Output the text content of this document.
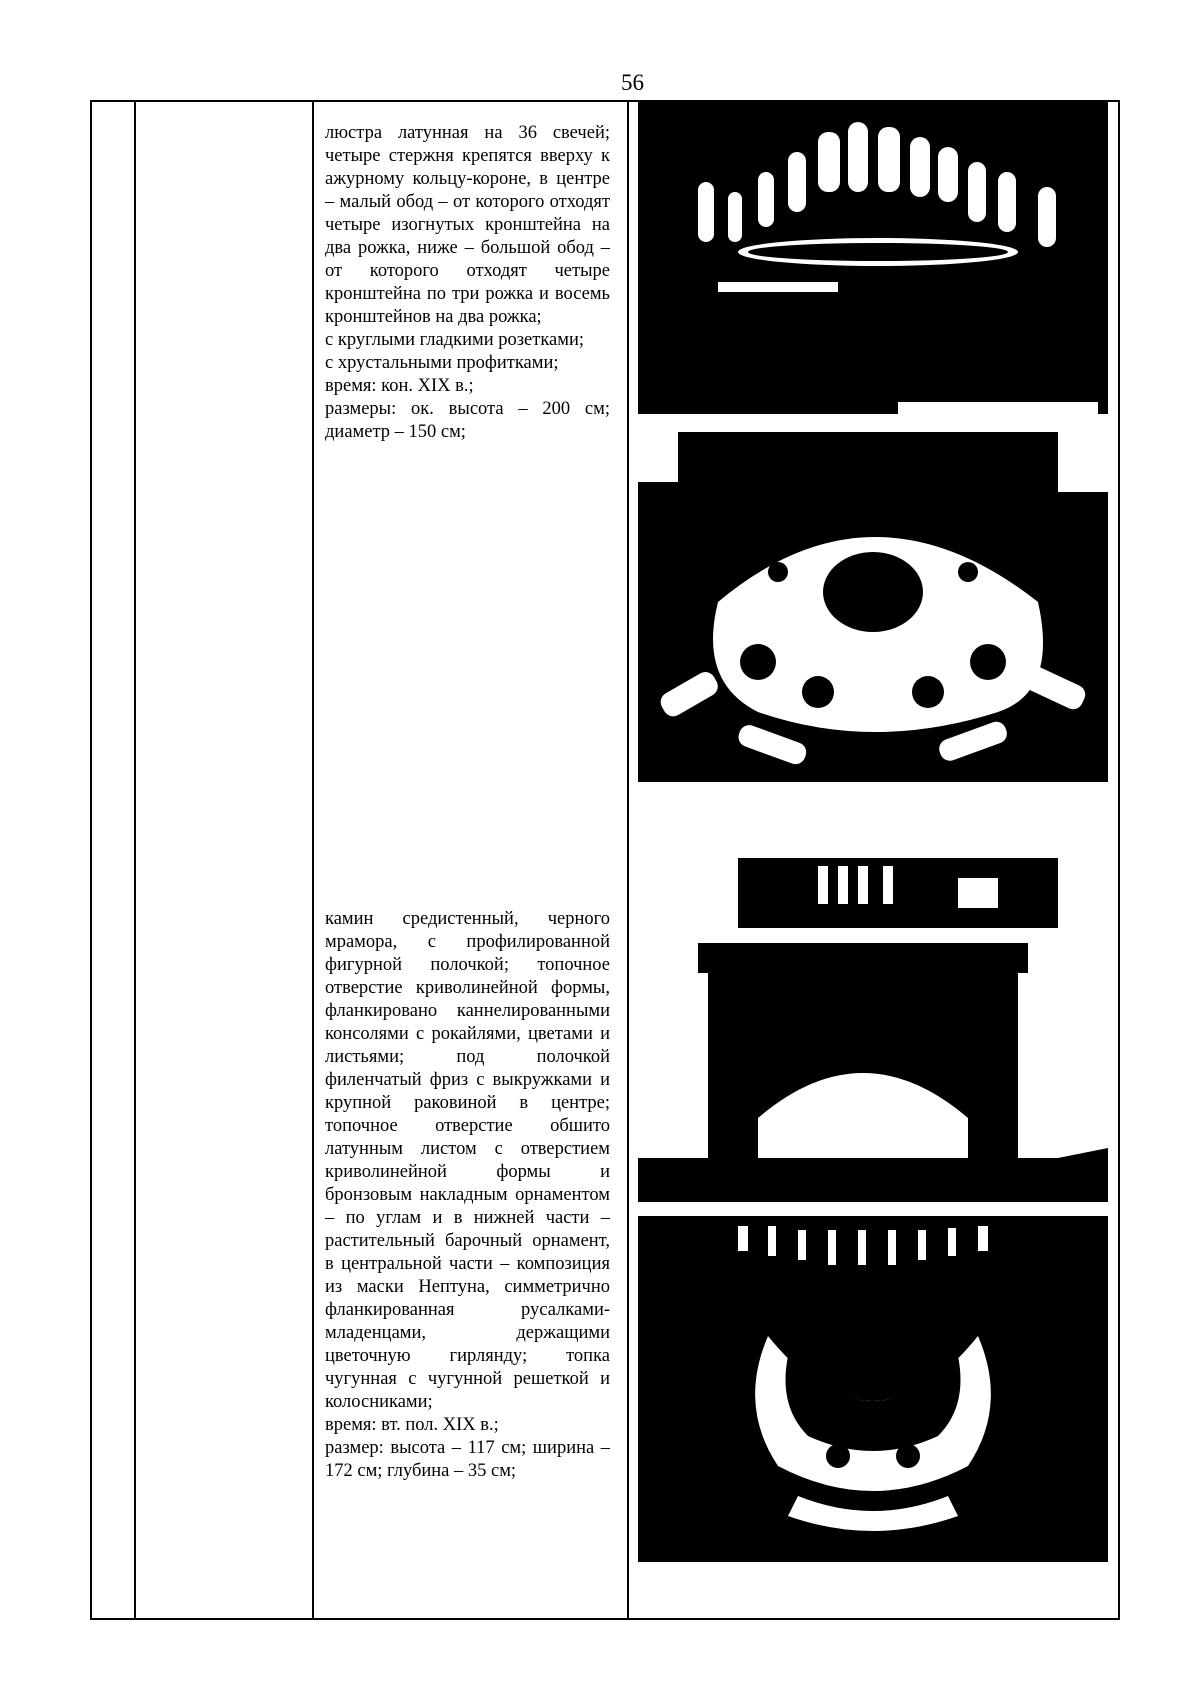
56

люстра латунная на 36 свечей; четыре стержня крепятся вверху к ажурному кольцу-короне, в центре – малый обод – от которого отходят четыре изогнутых кронштейна на два рожка, ниже – большой обод – от которого отходят четыре кронштейна по три рожка и восемь кронштейнов на два рожка;

с круглыми гладкими розетками;

с хрустальными профитками;

время: кон. XIX в.;

размеры: ок. высота – 200 см; диаметр – 150 см;

камин средистенный, черного мрамора, с профилированной фигурной полочкой; топочное отверстие криволинейной формы, фланкировано каннелированными консолями с рокайлями, цветами и листьями; под полочкой филенчатый фриз с выкружками и крупной раковиной в центре; топочное отверстие обшито латунным листом с отверстием криволинейной формы и бронзовым накладным орнаментом – по углам и в нижней части – растительный барочный орнамент, в центральной части – композиция из маски Нептуна, симметрично фланкированная русалками-младенцами, держащими цветочную гирлянду; топка чугунная с чугунной решеткой и колосниками;

время: вт. пол. XIX в.;

размер: высота – 117 см; ширина – 172 см; глубина – 35 см;
